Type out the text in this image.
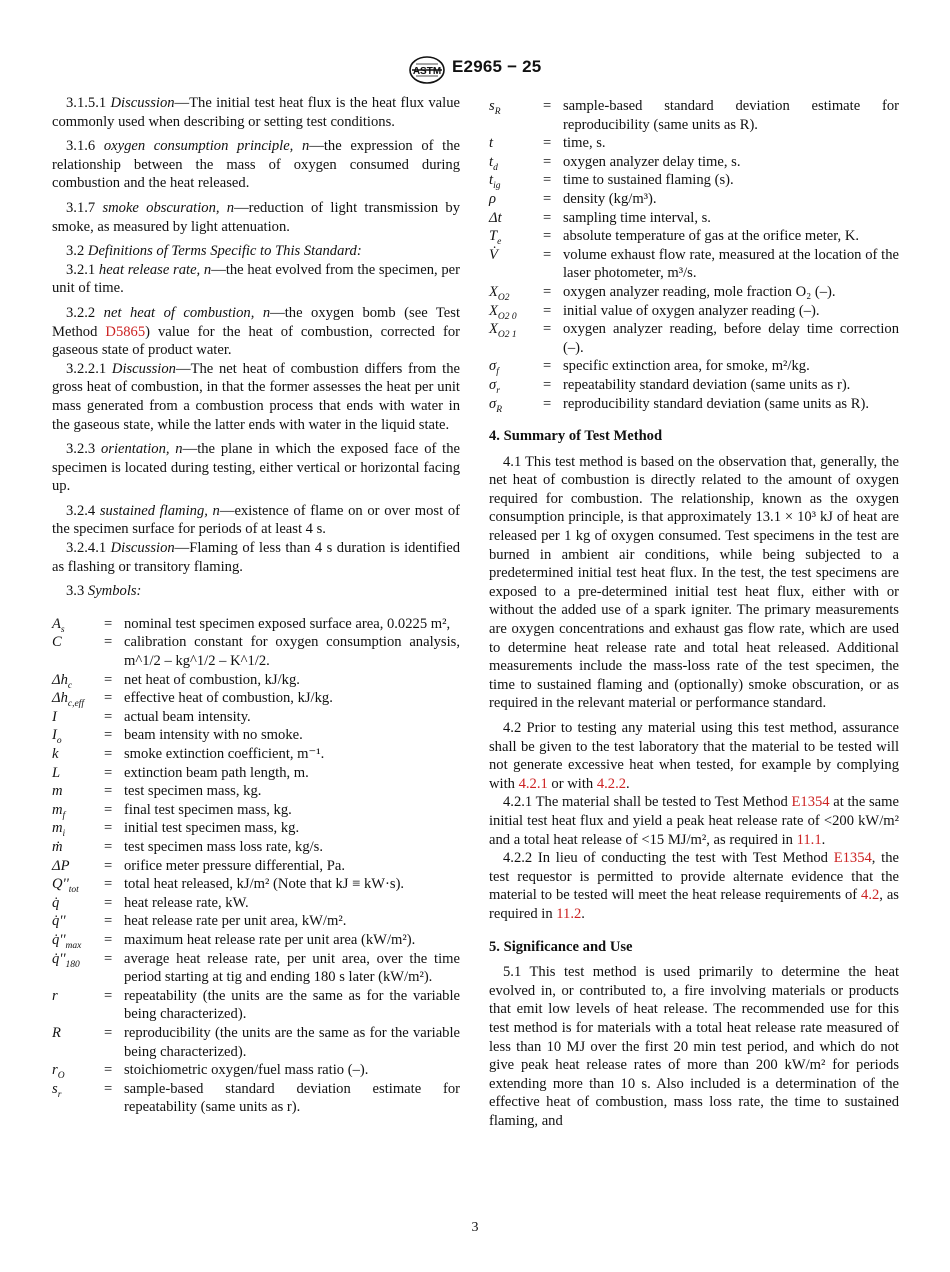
ASTM E2965 − 25

3.1.5.1 Discussion—The initial test heat flux is the heat flux value commonly used when describing or setting test conditions.

3.1.6 oxygen consumption principle, n—the expression of the relationship between the mass of oxygen consumed during combustion and the heat released.

3.1.7 smoke obscuration, n—reduction of light transmission by smoke, as measured by light attenuation.

3.2 Definitions of Terms Specific to This Standard:

3.2.1 heat release rate, n—the heat evolved from the specimen, per unit of time.

3.2.2 net heat of combustion, n—the oxygen bomb (see Test Method D5865) value for the heat of combustion, corrected for gaseous state of product water.

3.2.2.1 Discussion—The net heat of combustion differs from the gross heat of combustion, in that the former assesses the heat per unit mass generated from a combustion process that ends with water in the gaseous state, while the latter ends with water in the liquid state.

3.2.3 orientation, n—the plane in which the exposed face of the specimen is located during testing, either vertical or horizontal facing up.

3.2.4 sustained flaming, n—existence of flame on or over most of the specimen surface for periods of at least 4 s.

3.2.4.1 Discussion—Flaming of less than 4 s duration is identified as flashing or transitory flaming.

3.3 Symbols:

$A_s$	= nominal test specimen exposed surface area, 0.0225 m²,
C	= calibration constant for oxygen consumption analysis, m^1/2 – kg^1/2 – K^1/2.
$\Delta h_c$	= net heat of combustion, kJ/kg.
$\Delta h_{c,eff}$	= effective heat of combustion, kJ/kg.
I	= actual beam intensity.
$I_o$	= beam intensity with no smoke.
k	= smoke extinction coefficient, m⁻¹.
L	= extinction beam path length, m.
m	= test specimen mass, kg.
$m_f$	= final test specimen mass, kg.
$m_i$	= initial test specimen mass, kg.
ṁ	= test specimen mass loss rate, kg/s.
ΔP	= orifice meter pressure differential, Pa.
$Q''_{tot}$	= total heat released, kJ/m² (Note that kJ ≡ kW·s).
q̇	= heat release rate, kW.
q̇''	= heat release rate per unit area, kW/m².
$q̇''_{max}$	= maximum heat release rate per unit area (kW/m²).
$q̇''_{180}$	= average heat release rate, per unit area, over the time period starting at tig and ending 180 s later (kW/m²).
r	= repeatability (the units are the same as for the variable being characterized).
R	= reproducibility (the units are the same as for the variable being characterized).
$r_O$	= stoichiometric oxygen/fuel mass ratio (–).
$s_r$	= sample-based standard deviation estimate for repeatability (same units as r).
$s_R$	= sample-based standard deviation estimate for reproducibility (same units as R).
t	= time, s.
$t_d$	= oxygen analyzer delay time, s.
$t_{ig}$	= time to sustained flaming (s).
ρ	= density (kg/m³).
Δt	= sampling time interval, s.
$T_e$	= absolute temperature of gas at the orifice meter, K.
V̇	= volume exhaust flow rate, measured at the location of the laser photometer, m³/s.
$X_{O2}$	= oxygen analyzer reading, mole fraction O₂ (–).
$X_{O2 0}$	= initial value of oxygen analyzer reading (–).
$X_{O2 1}$	= oxygen analyzer reading, before delay time correction (–).
$\sigma_f$	= specific extinction area, for smoke, m²/kg.
$\sigma_r$	= repeatability standard deviation (same units as r).
$\sigma_R$	= reproducibility standard deviation (same units as R).
4. Summary of Test Method

4.1 This test method is based on the observation that, generally, the net heat of combustion is directly related to the amount of oxygen required for combustion. The relationship, known as the oxygen consumption principle, is that approximately 13.1 × 10³ kJ of heat are released per 1 kg of oxygen consumed. Test specimens in the test are burned in ambient air conditions, while being subjected to a predetermined initial test heat flux. In the test, the test specimens are exposed to a pre-determined initial test heat flux, either with or without the added use of a spark igniter. The primary measurements are oxygen concentrations and exhaust gas flow rate, which are used to determine heat release rate and total heat released. Additional measurements include the mass-loss rate of the test specimen, the time to sustained flaming and (optionally) smoke obscuration, or as required in the relevant material or performance standard.

4.2 Prior to testing any material using this test method, assurance shall be given to the test laboratory that the material to be tested will not generate excessive heat when tested, for example by complying with 4.2.1 or with 4.2.2.

4.2.1 The material shall be tested to Test Method E1354 at the same initial test heat flux and yield a peak heat release rate of <200 kW/m² and a total heat release of <15 MJ/m², as required in 11.1.

4.2.2 In lieu of conducting the test with Test Method E1354, the test requestor is permitted to provide alternate evidence that the material to be tested will meet the heat release requirements of 4.2, as required in 11.2.

5. Significance and Use

5.1 This test method is used primarily to determine the heat evolved in, or contributed to, a fire involving materials or products that emit low levels of heat release. The recommended use for this test method is for materials with a total heat release rate measured of less than 10 MJ over the first 20 min test period, and which do not give peak heat release rates of more than 200 kW/m² for periods extending more than 10 s. Also included is a determination of the effective heat of combustion, mass loss rate, the time to sustained flaming, and

3
